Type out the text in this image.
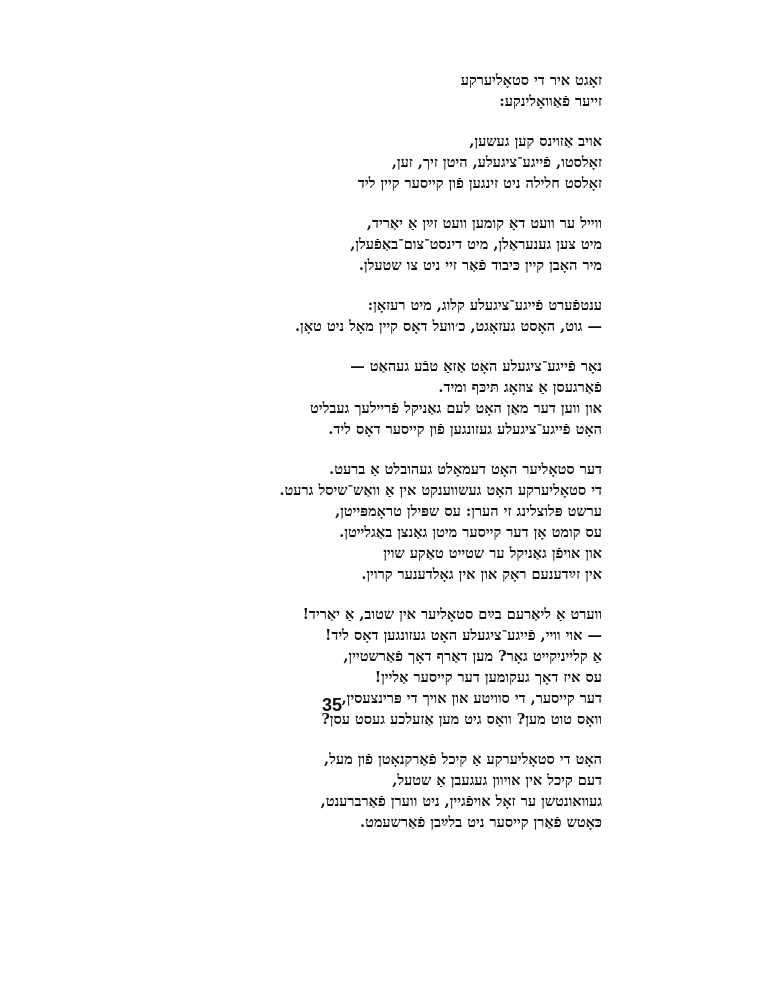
זאָגט איר די סטאָליערקע
זייער פֿאַוואָלינקע:
אויב אַזוינס קען געשען,
זאָלסטו, פֿייגע־ציגעלע, היטן זיך, זען,
זאָלסט חלילה ניט זינגען פֿון קייסער קיין ליד
ווייל ער וועט דאָ קומען וועט זײַן אַ יאַריד,
מיט צען גענעראַלן, מיט דינסט־צום־באַפֿעלן,
מיר האָבן קיין כּיבוד פֿאַר זיי ניט צו שטעלן.
ענטפֿערט פֿייגע־ציגעלע קלוג, מיט רעזאָן:
— גוט, האָסט געזאָגט, כ׳וועל דאָס קיין מאָל ניט טאָן.
נאָר פֿייגע־ציגעלע האָט אַזאַ טבֿע געהאַט —
פֿאַרגעסן אַ צוזאָג תּיכּף ומיד.
און ווען דער מאַן האָט לעם גאַניקל פֿריילעך געבליט
האָט פֿייגע־ציגעלע געזונגען פֿון קייסער דאָס ליד.
דער סטאָליער האָט דעמאָלט געהובלט אַ ברעט.
די סטאָליערקע האָט געשווענקט אין אַ וואַש־שיסל גרעט.
ערשט פּלוצלינג זי הערן: עס שפּילן טראָמפּייטן,
עס קומט אָן דער קייסער מיטן גאַנצן באַגלייטן.
און אויפֿן גאַניקל ער שטייט טאַקע שוין
אין זײַדענעם ראָק און אין גאָלדענער קרוין.
ווערט אַ ליאַרעם בײַם סטאָליער אין שטוב, אַ יאַריד!
— אוי ווײ, פֿייגע־ציגעלע האָט געזונגען דאָס ליד!
אַ קלייניקייט גאָר? מען דאַרף דאָך פֿאַרשטיין,
עס איז דאָך געקומען דער קייסער אַליין!
דער קייסער, די סוויטע און אויך די פּרינצעסין,
וואָס טוט מען? וואָס גיט מען אַזעלכע געסט עסן?
האָט די סטאָליערקע אַ קיכל פֿאַרקנאָטן פֿון מעל,
דעם קיכל אין אויוון געגעבן אַ שטעל,
געוואונטשן ער זאָל אויפֿגיין, ניט ווערן פֿאַרברענט,
כּאָטש פֿאַרן קייסער ניט בלײַבן פֿאַרשעמט.
35
